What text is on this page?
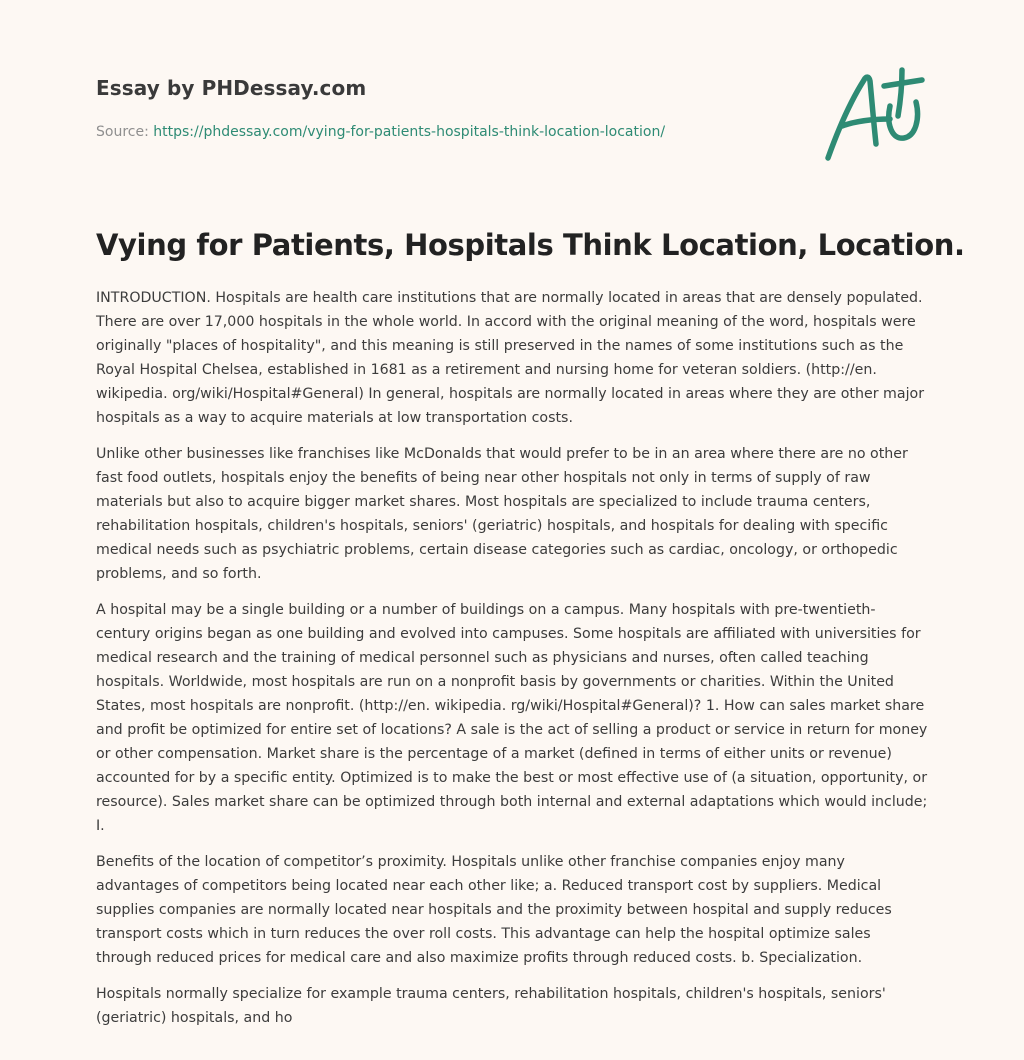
Essay by PHDessay.com
Source: https://phdessay.com/vying-for-patients-hospitals-think-location-location/
Vying for Patients, Hospitals Think Location, Location.

INTRODUCTION. Hospitals are health care institutions that are normally located in areas that are densely populated. There are over 17,000 hospitals in the whole world. In accord with the original meaning of the word, hospitals were originally "places of hospitality", and this meaning is still preserved in the names of some institutions such as the Royal Hospital Chelsea, established in 1681 as a retirement and nursing home for veteran soldiers. (http://en. wikipedia. org/wiki/Hospital#General) In general, hospitals are normally located in areas where they are other major hospitals as a way to acquire materials at low transportation costs.

Unlike other businesses like franchises like McDonalds that would prefer to be in an area where there are no other fast food outlets, hospitals enjoy the benefits of being near other hospitals not only in terms of supply of raw materials but also to acquire bigger market shares. Most hospitals are specialized to include trauma centers, rehabilitation hospitals, children's hospitals, seniors' (geriatric) hospitals, and hospitals for dealing with specific medical needs such as psychiatric problems, certain disease categories such as cardiac, oncology, or orthopedic problems, and so forth.

A hospital may be a single building or a number of buildings on a campus. Many hospitals with pre-twentieth-century origins began as one building and evolved into campuses. Some hospitals are affiliated with universities for medical research and the training of medical personnel such as physicians and nurses, often called teaching hospitals. Worldwide, most hospitals are run on a nonprofit basis by governments or charities. Within the United States, most hospitals are nonprofit. (http://en. wikipedia. rg/wiki/Hospital#General)? 1. How can sales market share and profit be optimized for entire set of locations? A sale is the act of selling a product or service in return for money or other compensation. Market share is the percentage of a market (defined in terms of either units or revenue) accounted for by a specific entity. Optimized is to make the best or most effective use of (a situation, opportunity, or resource). Sales market share can be optimized through both internal and external adaptations which would include; I.

Benefits of the location of competitor’s proximity. Hospitals unlike other franchise companies enjoy many advantages of competitors being located near each other like; a. Reduced transport cost by suppliers. Medical supplies companies are normally located near hospitals and the proximity between hospital and supply reduces transport costs which in turn reduces the over roll costs. This advantage can help the hospital optimize sales through reduced prices for medical care and also maximize profits through reduced costs. b. Specialization.

Hospitals normally specialize for example trauma centers, rehabilitation hospitals, children's hospitals, seniors' (geriatric) hospitals, and ho
